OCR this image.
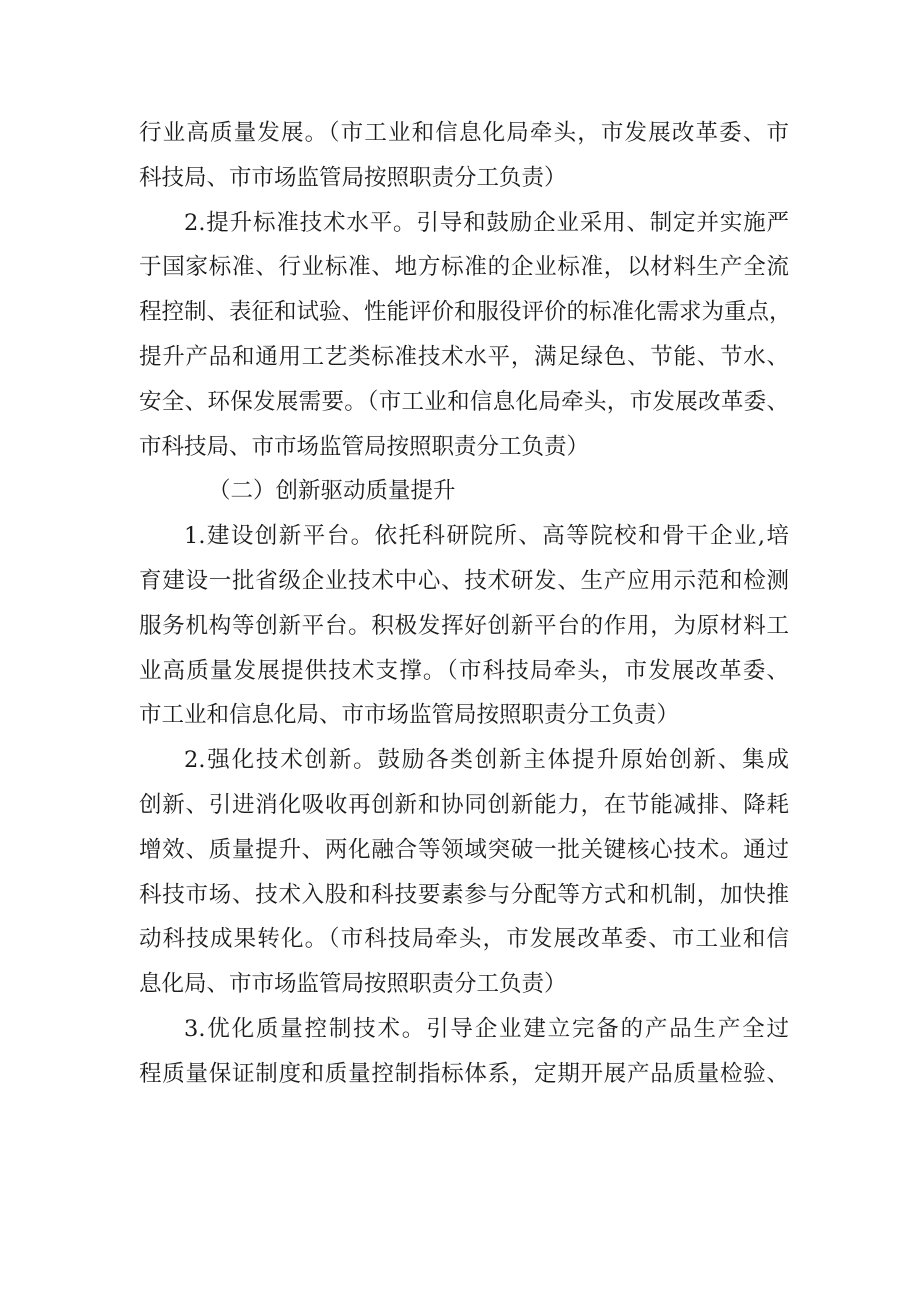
行业高质量发展。（市工业和信息化局牵头，市发展改革委、市
科技局、市市场监管局按照职责分工负责）
2.提升标准技术水平。引导和鼓励企业采用、制定并实施严
于国家标准、行业标准、地方标准的企业标准，以材料生产全流
程控制、表征和试验、性能评价和服役评价的标准化需求为重点，
提升产品和通用工艺类标准技术水平，满足绿色、节能、节水、
安全、环保发展需要。（市工业和信息化局牵头，市发展改革委、
市科技局、市市场监管局按照职责分工负责）
（二）创新驱动质量提升
1.建设创新平台。依托科研院所、高等院校和骨干企业,培
育建设一批省级企业技术中心、技术研发、生产应用示范和检测
服务机构等创新平台。积极发挥好创新平台的作用，为原材料工
业高质量发展提供技术支撑。（市科技局牵头，市发展改革委、
市工业和信息化局、市市场监管局按照职责分工负责）
2.强化技术创新。鼓励各类创新主体提升原始创新、集成
创新、引进消化吸收再创新和协同创新能力，在节能减排、降耗
增效、质量提升、两化融合等领域突破一批关键核心技术。通过
科技市场、技术入股和科技要素参与分配等方式和机制，加快推
动科技成果转化。（市科技局牵头，市发展改革委、市工业和信
息化局、市市场监管局按照职责分工负责）
3.优化质量控制技术。引导企业建立完备的产品生产全过
程质量保证制度和质量控制指标体系，定期开展产品质量检验、
